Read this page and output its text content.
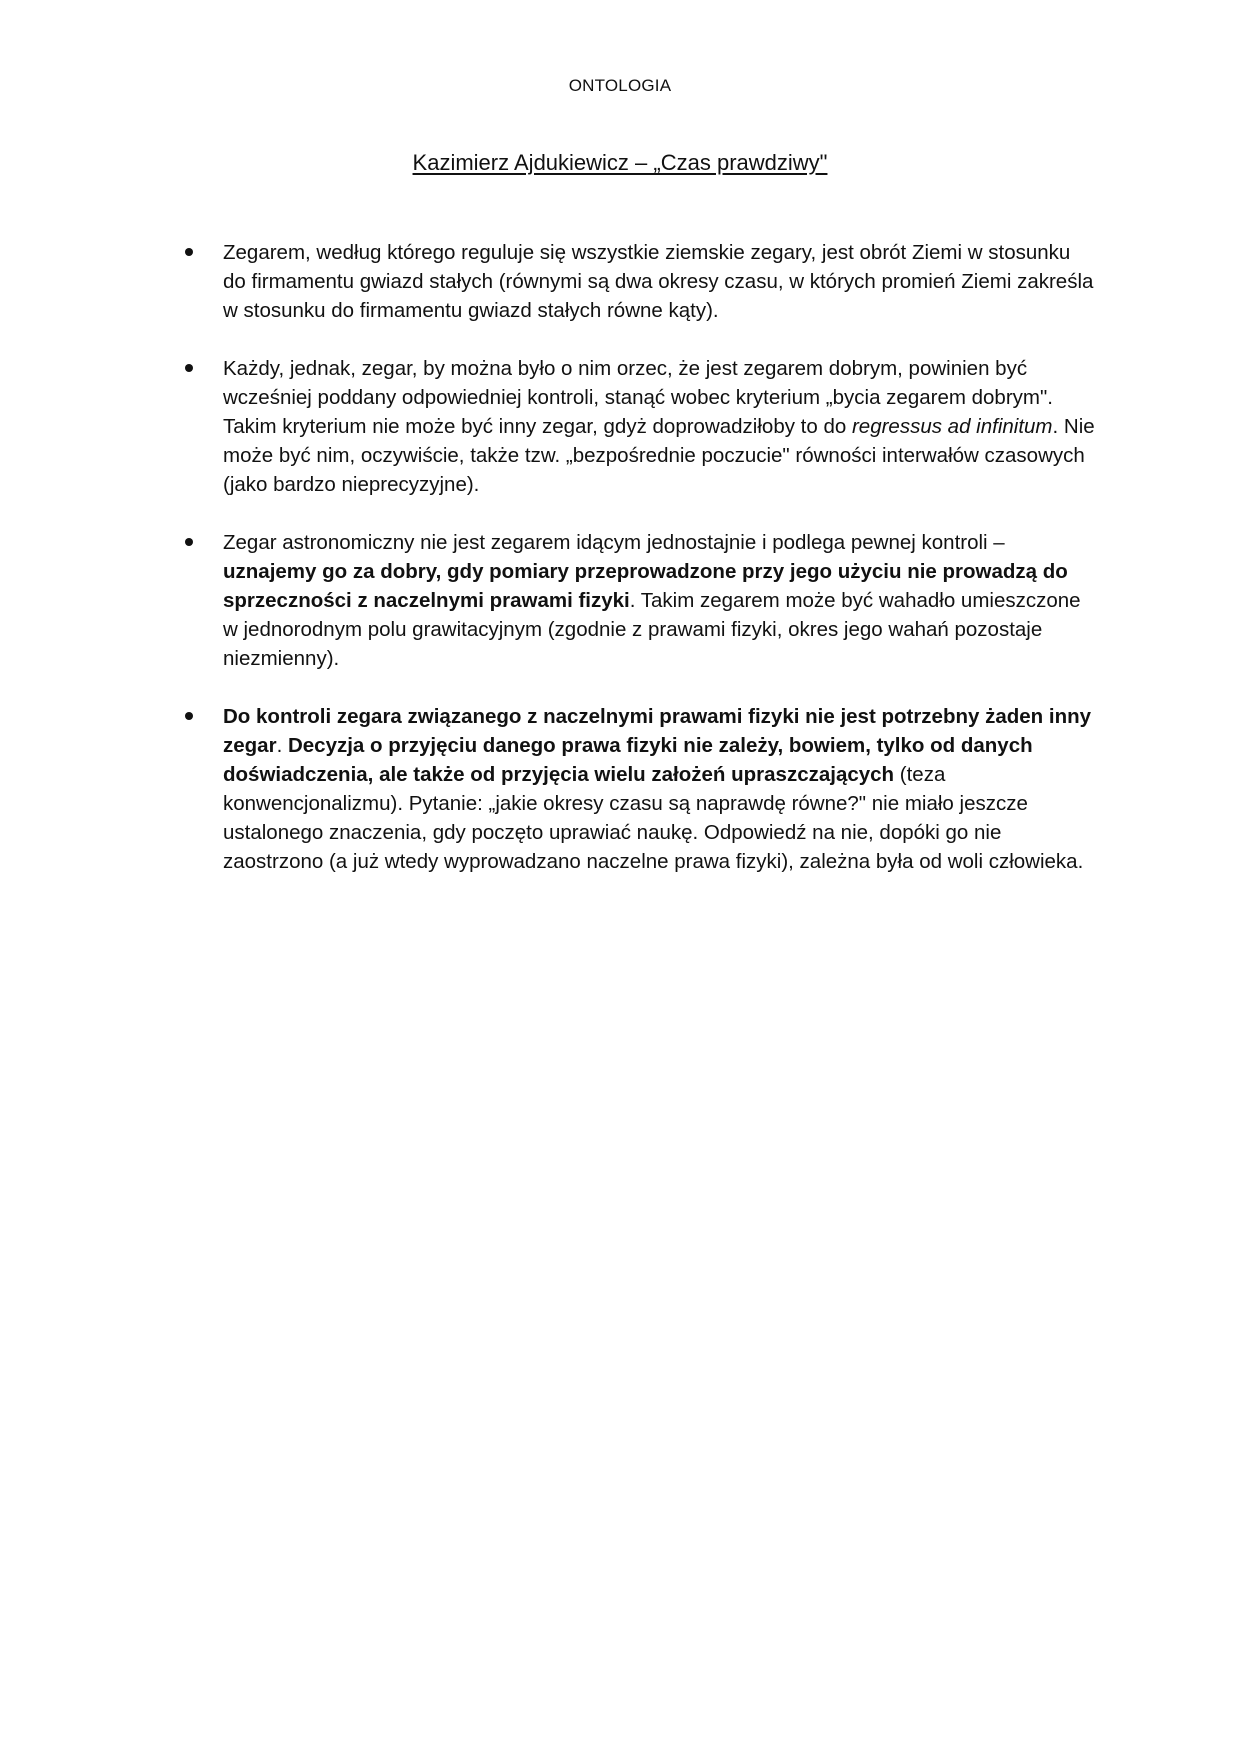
ONTOLOGIA
Kazimierz Ajdukiewicz – „Czas prawdziwy"
Zegarem, według którego reguluje się wszystkie ziemskie zegary, jest obrót Ziemi w stosunku do firmamentu gwiazd stałych (równymi są dwa okresy czasu, w których promień Ziemi zakreśla w stosunku do firmamentu gwiazd stałych równe kąty).
Każdy, jednak, zegar, by można było o nim orzec, że jest zegarem dobrym, powinien być wcześniej poddany odpowiedniej kontroli, stanąć wobec kryterium „bycia zegarem dobrym". Takim kryterium nie może być inny zegar, gdyż doprowadziłoby to do regressus ad infinitum. Nie może być nim, oczywiście, także tzw. „bezpośrednie poczucie" równości interwałów czasowych (jako bardzo nieprecyzyjne).
Zegar astronomiczny nie jest zegarem idącym jednostajnie i podlega pewnej kontroli – uznajemy go za dobry, gdy pomiary przeprowadzone przy jego użyciu nie prowadzą do sprzeczności z naczelnymi prawami fizyki. Takim zegarem może być wahadło umieszczone w jednorodnym polu grawitacyjnym (zgodnie z prawami fizyki, okres jego wahań pozostaje niezmienny).
Do kontroli zegara związanego z naczelnymi prawami fizyki nie jest potrzebny żaden inny zegar. Decyzja o przyjęciu danego prawa fizyki nie zależy, bowiem, tylko od danych doświadczenia, ale także od przyjęcia wielu założeń upraszczających (teza konwencjonalizmu). Pytanie: „jakie okresy czasu są naprawdę równe?" nie miało jeszcze ustalonego znaczenia, gdy poczęto uprawiać naukę. Odpowiedź na nie, dopóki go nie zaostrzono (a już wtedy wyprowadzano naczelne prawa fizyki), zależna była od woli człowieka.
